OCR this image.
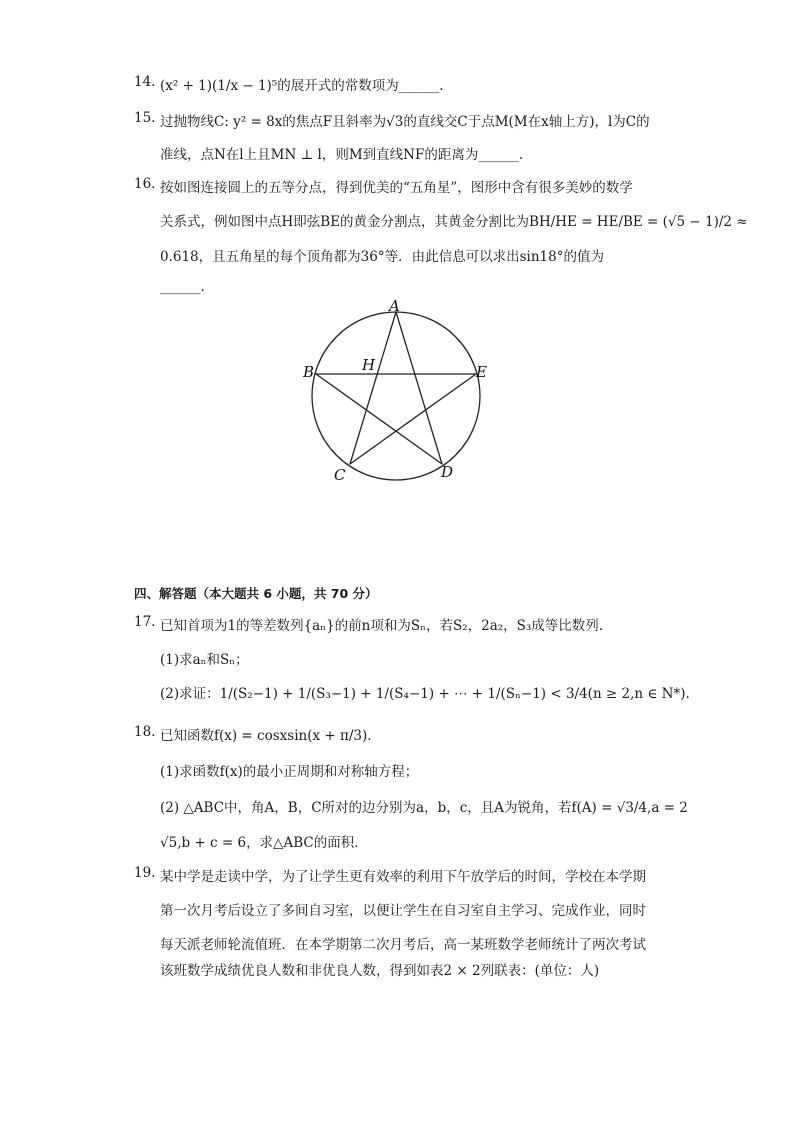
14. (x² + 1)(1/x − 1)⁵的展开式的常数项为______.
15. 过抛物线C: y² = 8x的焦点F且斜率为√3的直线交C于点M(M在x轴上方)，l为C的
准线，点N在l上且MN ⊥ l，则M到直线NF的距离为______.
16. 按如图连接圆上的五等分点，得到优美的“五角星”，图形中含有很多美妙的数学
关系式，例如图中点H即弦BE的黄金分割点，其黄金分割比为BH/HE = HE/BE = (√5 − 1)/2 ≈
0.618，且五角星的每个顶角都为36°等．由此信息可以求出sin18°的值为
______.
A
B	H	E
C	D
四、解答题（本大题共 6 小题，共 70 分）
17. 已知首项为1的等差数列{aₙ}的前n项和为Sₙ，若S₂，2a₂，S₃成等比数列．
(1)求aₙ和Sₙ；
(2)求证：1/(S₂−1) + 1/(S₃−1) + 1/(S₄−1) + ⋯ + 1/(Sₙ−1) < 3/4(n ≥ 2,n ∈ N*).
18. 已知函数f(x) = cosxsin(x + π/3).
(1)求函数f(x)的最小正周期和对称轴方程；
(2) △ABC中，角A，B，C所对的边分别为a，b，c，且A为锐角，若f(A) = √3/4,a = 2
√5,b + c = 6，求△ABC的面积．
19. 某中学是走读中学，为了让学生更有效率的利用下午放学后的时间，学校在本学期
第一次月考后设立了多间自习室，以便让学生在自习室自主学习、完成作业，同时
每天派老师轮流值班．在本学期第二次月考后，高一某班数学老师统计了两次考试
该班数学成绩优良人数和非优良人数，得到如表2 × 2列联表：(单位：人)
